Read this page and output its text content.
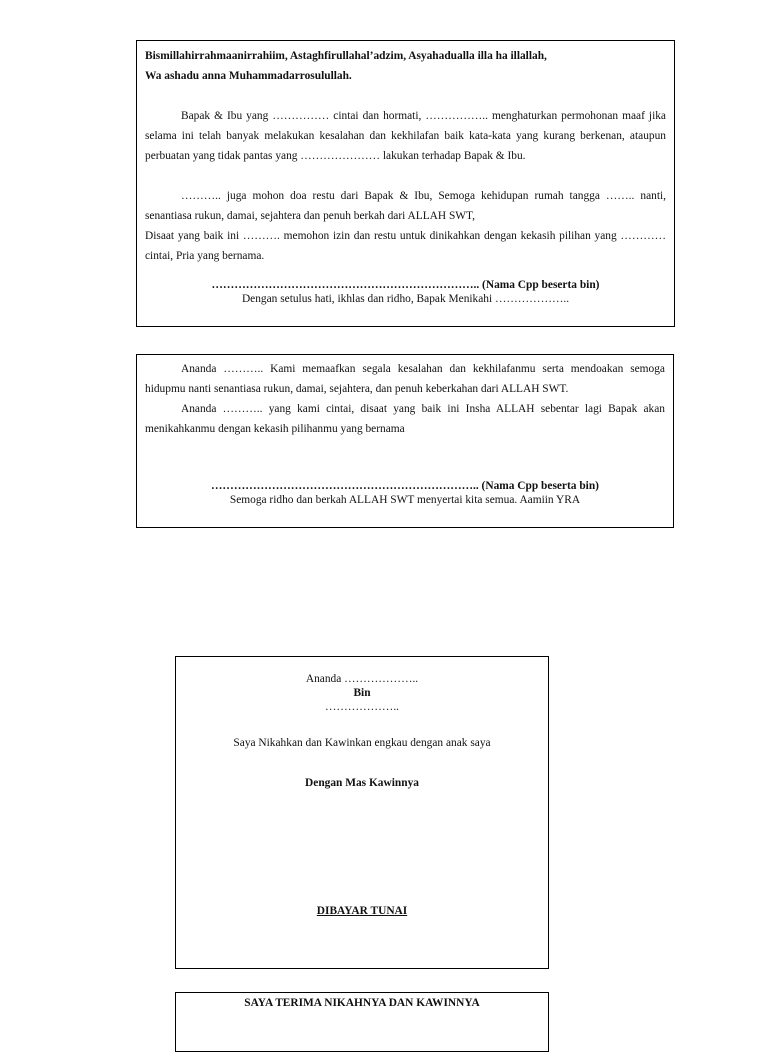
Bismillahirrahmaanirrahiim, Astaghfirullahal’adzim, Asyahadualla illa ha illallah,

Wa ashadu anna Muhammadarrosulullah.

Bapak & Ibu yang …………… cintai dan hormati, …………….. menghaturkan permohonan maaf jika selama ini telah banyak melakukan kesalahan dan kekhilafan baik kata-kata yang kurang berkenan, ataupun perbuatan yang tidak pantas yang ………………… lakukan terhadap Bapak & Ibu.

……….. juga mohon doa restu dari Bapak & Ibu, Semoga kehidupan rumah tangga …….. nanti, senantiasa rukun, damai, sejahtera dan penuh berkah dari ALLAH SWT,

Disaat yang baik ini ………. memohon izin dan restu untuk dinikahkan dengan kekasih pilihan yang ………… cintai, Pria yang bernama.

…………………………………………………………….. (Nama Cpp beserta bin)

Dengan setulus hati, ikhlas dan ridho, Bapak Menikahi ………………..

Ananda ……….. Kami memaafkan segala kesalahan dan kekhilafanmu serta mendoakan semoga hidupmu nanti senantiasa rukun, damai, sejahtera, dan penuh keberkahan dari ALLAH SWT.

Ananda ……….. yang kami cintai, disaat yang baik ini Insha ALLAH sebentar lagi Bapak akan menikahkanmu dengan kekasih pilihanmu yang bernama

…………………………………………………………….. (Nama Cpp beserta bin)

Semoga ridho dan berkah ALLAH SWT menyertai kita semua. Aamiin YRA

Ananda ………………..

Bin

………………..

Saya Nikahkan dan Kawinkan engkau dengan anak saya

Dengan Mas Kawinnya

DIBAYAR TUNAI

SAYA TERIMA NIKAHNYA DAN KAWINNYA
